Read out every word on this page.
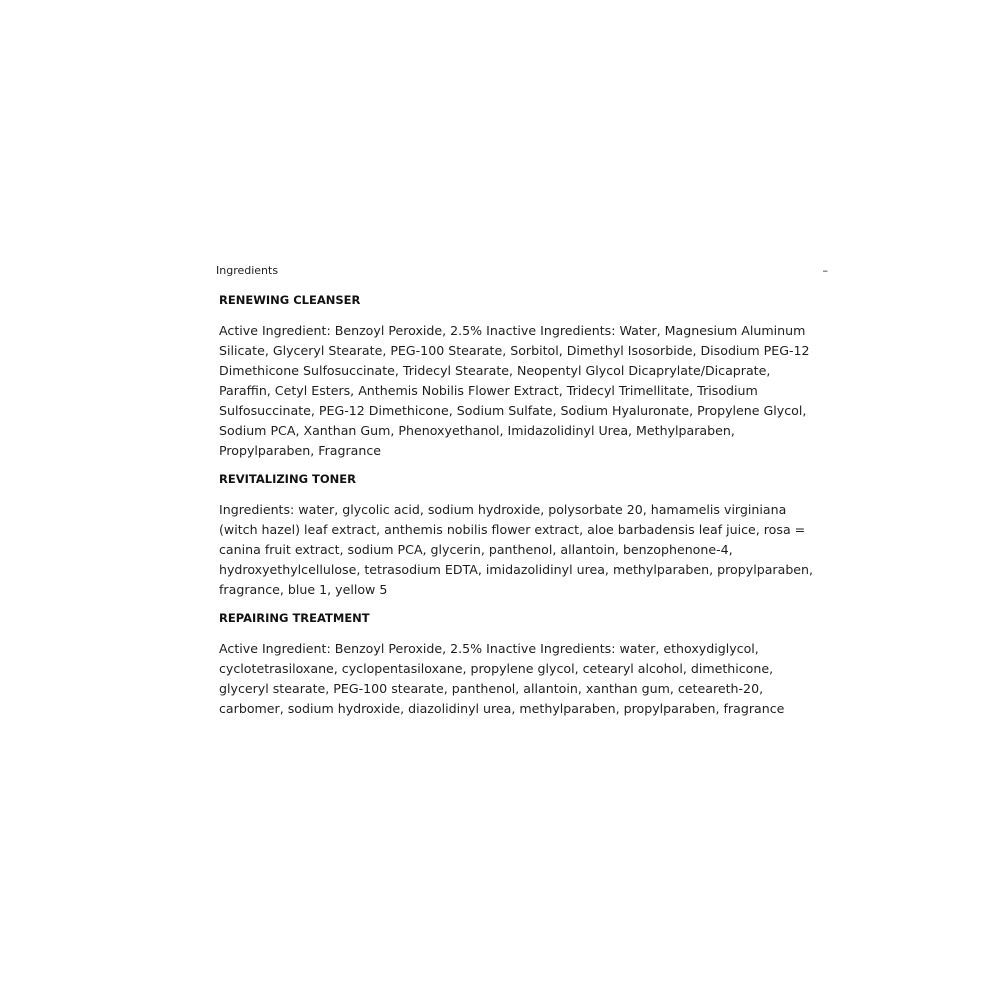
Ingredients	–
RENEWING CLEANSER

Active Ingredient: Benzoyl Peroxide, 2.5% Inactive Ingredients: Water, Magnesium Aluminum Silicate, Glyceryl Stearate, PEG-100 Stearate, Sorbitol, Dimethyl Isosorbide, Disodium PEG-12 Dimethicone Sulfosuccinate, Tridecyl Stearate, Neopentyl Glycol Dicaprylate/Dicaprate, Paraffin, Cetyl Esters, Anthemis Nobilis Flower Extract, Tridecyl Trimellitate, Trisodium Sulfosuccinate, PEG-12 Dimethicone, Sodium Sulfate, Sodium Hyaluronate, Propylene Glycol, Sodium PCA, Xanthan Gum, Phenoxyethanol, Imidazolidinyl Urea, Methylparaben, Propylparaben, Fragrance

REVITALIZING TONER

Ingredients: water, glycolic acid, sodium hydroxide, polysorbate 20, hamamelis virginiana (witch hazel) leaf extract, anthemis nobilis flower extract, aloe barbadensis leaf juice, rosa = canina fruit extract, sodium PCA, glycerin, panthenol, allantoin, benzophenone-4, hydroxyethylcellulose, tetrasodium EDTA, imidazolidinyl urea, methylparaben, propylparaben, fragrance, blue 1, yellow 5

REPAIRING TREATMENT

Active Ingredient: Benzoyl Peroxide, 2.5% Inactive Ingredients: water, ethoxydiglycol, cyclotetrasiloxane, cyclopentasiloxane, propylene glycol, cetearyl alcohol, dimethicone, glyceryl stearate, PEG-100 stearate, panthenol, allantoin, xanthan gum, ceteareth-20, carbomer, sodium hydroxide, diazolidinyl urea, methylparaben, propylparaben, fragrance
